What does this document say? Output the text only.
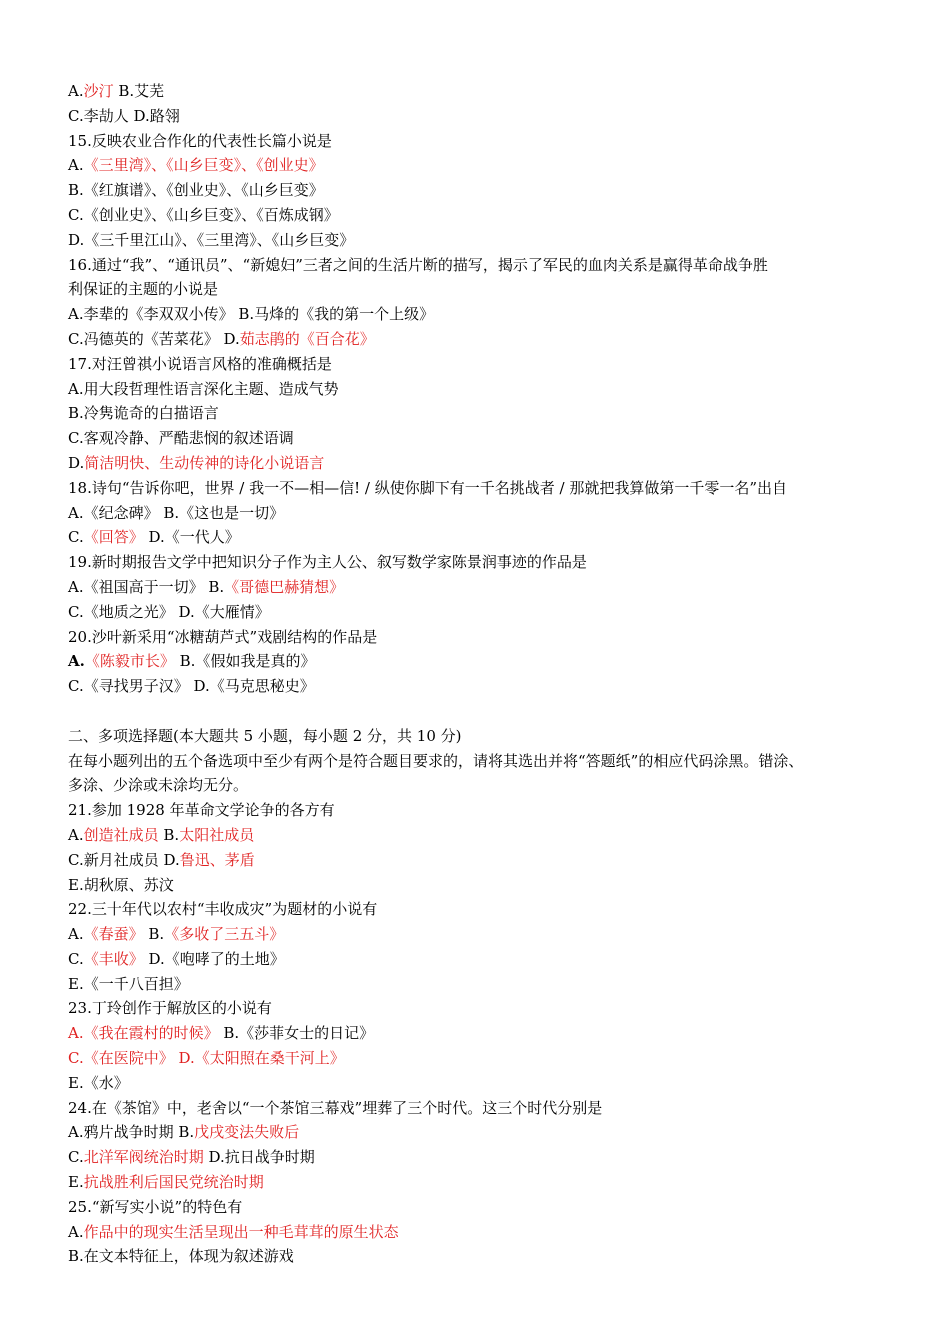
A.沙汀 B.艾芜
C.李劼人 D.路翎
15.反映农业合作化的代表性长篇小说是
A.《三里湾》、《山乡巨变》、《创业史》
B.《红旗谱》、《创业史》、《山乡巨变》
C.《创业史》、《山乡巨变》、《百炼成钢》
D.《三千里江山》、《三里湾》、《山乡巨变》
16.通过“我”、“通讯员”、“新媳妇”三者之间的生活片断的描写，揭示了军民的血肉关系是赢得革命战争胜
利保证的主题的小说是
A.李辈的《李双双小传》 B.马烽的《我的第一个上级》
C.冯德英的《苦菜花》 D.茹志鹃的《百合花》
17.对汪曾祺小说语言风格的准确概括是
A.用大段哲理性语言深化主题、造成气势
B.冷隽诡奇的白描语言
C.客观冷静、严酷悲悯的叙述语调
D.简洁明快、生动传神的诗化小说语言
18.诗句“告诉你吧，世界 / 我一不—相—信! / 纵使你脚下有一千名挑战者 / 那就把我算做第一千零一名”出自
A.《纪念碑》 B.《这也是一切》
C.《回答》 D.《一代人》
19.新时期报告文学中把知识分子作为主人公、叙写数学家陈景润事迹的作品是
A.《祖国高于一切》 B.《哥德巴赫猜想》
C.《地质之光》 D.《大雁情》
20.沙叶新采用“冰糖葫芦式”戏剧结构的作品是
A.《陈毅市长》 B.《假如我是真的》
C.《寻找男子汉》 D.《马克思秘史》
二、多项选择题(本大题共 5 小题，每小题 2 分，共 10 分)
在每小题列出的五个备选项中至少有两个是符合题目要求的，请将其选出并将“答题纸”的相应代码涂黑。错涂、
多涂、少涂或未涂均无分。
21.参加 1928 年革命文学论争的各方有
A.创造社成员 B.太阳社成员
C.新月社成员 D.鲁迅、茅盾
E.胡秋原、苏汶
22.三十年代以农村“丰收成灾”为题材的小说有
A.《春蚕》 B.《多收了三五斗》
C.《丰收》 D.《咆哮了的土地》
E.《一千八百担》
23.丁玲创作于解放区的小说有
A.《我在霞村的时候》 B.《莎菲女士的日记》
C.《在医院中》 D.《太阳照在桑干河上》
E.《水》
24.在《茶馆》中，老舍以“一个茶馆三幕戏”埋葬了三个时代。这三个时代分别是
A.鸦片战争时期 B.戊戌变法失败后
C.北洋军阀统治时期 D.抗日战争时期
E.抗战胜利后国民党统治时期
25.“新写实小说”的特色有
A.作品中的现实生活呈现出一种毛茸茸的原生状态
B.在文本特征上，体现为叙述游戏
